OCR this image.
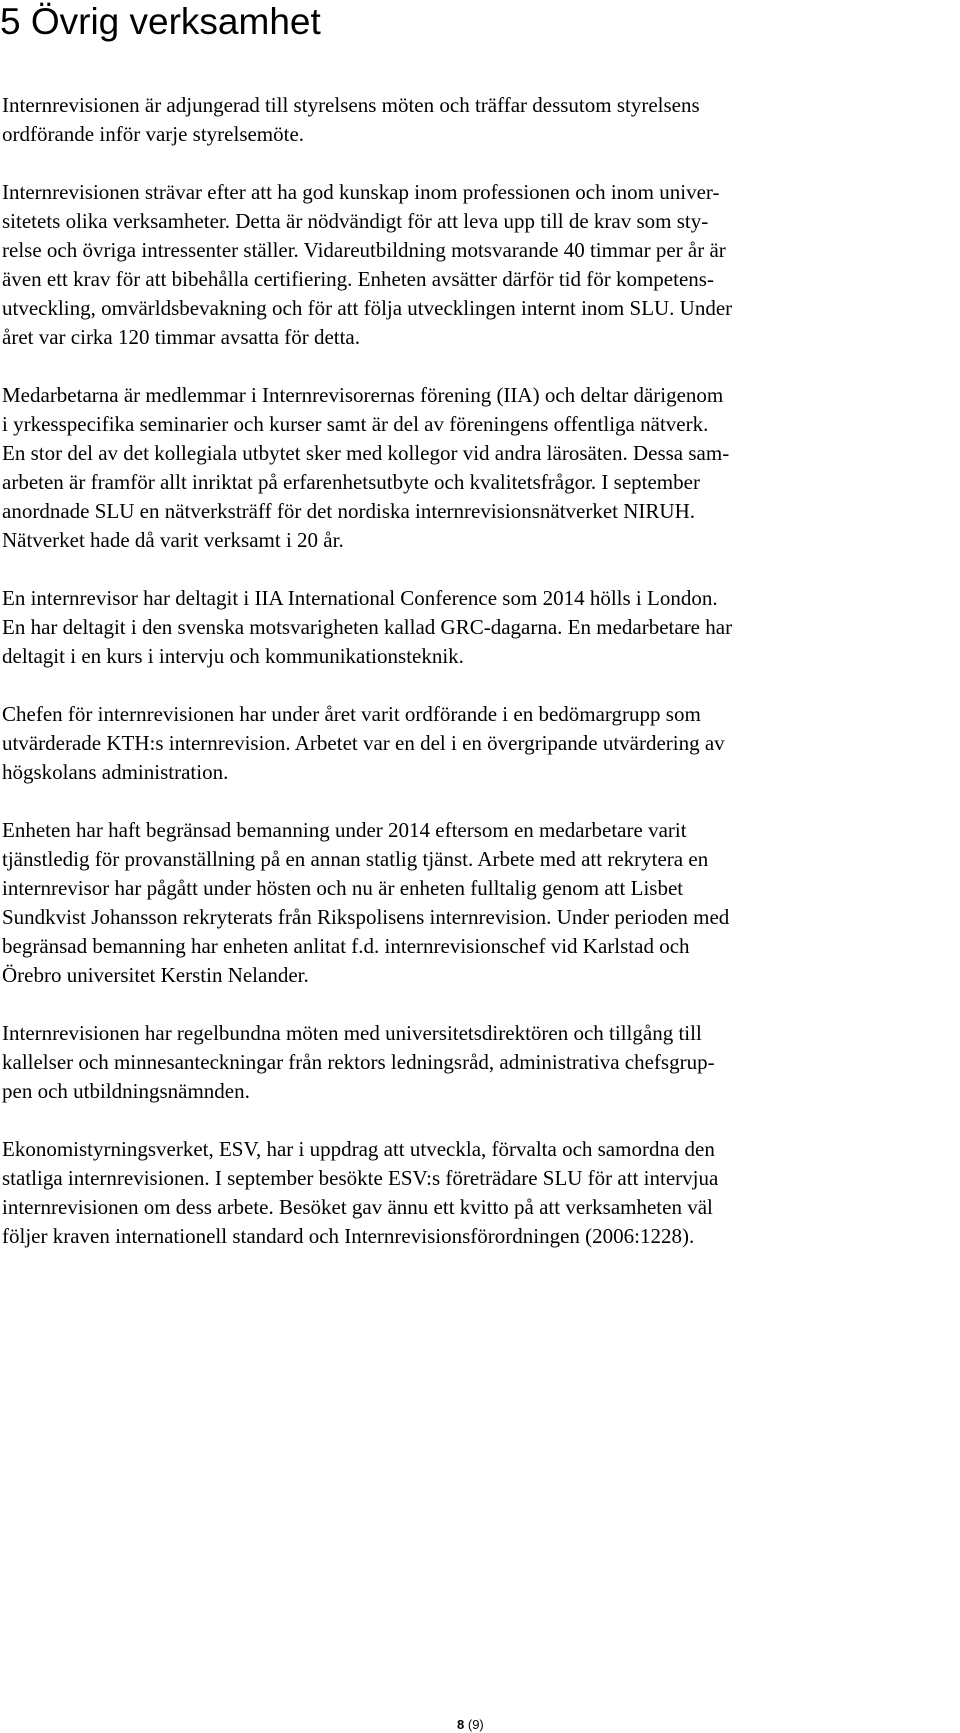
5 Övrig verksamhet

Internrevisionen är adjungerad till styrelsens möten och träffar dessutom styrelsens
ordförande inför varje styrelsemöte.

Internrevisionen strävar efter att ha god kunskap inom professionen och inom univer-
sitetets olika verksamheter. Detta är nödvändigt för att leva upp till de krav som sty-
relse och övriga intressenter ställer. Vidareutbildning motsvarande 40 timmar per år är
även ett krav för att bibehålla certifiering. Enheten avsätter därför tid för kompetens-
utveckling, omvärldsbevakning och för att följa utvecklingen internt inom SLU. Under
året var cirka 120 timmar avsatta för detta.

Medarbetarna är medlemmar i Internrevisorernas förening (IIA) och deltar därigenom
i yrkesspecifika seminarier och kurser samt är del av föreningens offentliga nätverk.
En stor del av det kollegiala utbytet sker med kollegor vid andra lärosäten. Dessa sam-
arbeten är framför allt inriktat på erfarenhetsutbyte och kvalitetsfrågor. I september
anordnade SLU en nätverksträff för det nordiska internrevisionsnätverket NIRUH.
Nätverket hade då varit verksamt i 20 år.

En internrevisor har deltagit i IIA International Conference som 2014 hölls i London.
En har deltagit i den svenska motsvarigheten kallad GRC-dagarna. En medarbetare har
deltagit i en kurs i intervju och kommunikationsteknik.

Chefen för internrevisionen har under året varit ordförande i en bedömargrupp som
utvärderade KTH:s internrevision. Arbetet var en del i en övergripande utvärdering av
högskolans administration.

Enheten har haft begränsad bemanning under 2014 eftersom en medarbetare varit
tjänstledig för provanställning på en annan statlig tjänst. Arbete med att rekrytera en
internrevisor har pågått under hösten och nu är enheten fulltalig genom att Lisbet
Sundkvist Johansson rekryterats från Rikspolisens internrevision. Under perioden med
begränsad bemanning har enheten anlitat f.d. internrevisionschef vid Karlstad och
Örebro universitet Kerstin Nelander.

Internrevisionen har regelbundna möten med universitetsdirektören och tillgång till
kallelser och minnesanteckningar från rektors ledningsråd, administrativa chefsgrup-
pen och utbildningsnämnden.

Ekonomistyrningsverket, ESV, har i uppdrag att utveckla, förvalta och samordna den
statliga internrevisionen. I september besökte ESV:s företrädare SLU för att intervjua
internrevisionen om dess arbete. Besöket gav ännu ett kvitto på att verksamheten väl
följer kraven internationell standard och Internrevisionsförordningen (2006:1228).

8 (9)
